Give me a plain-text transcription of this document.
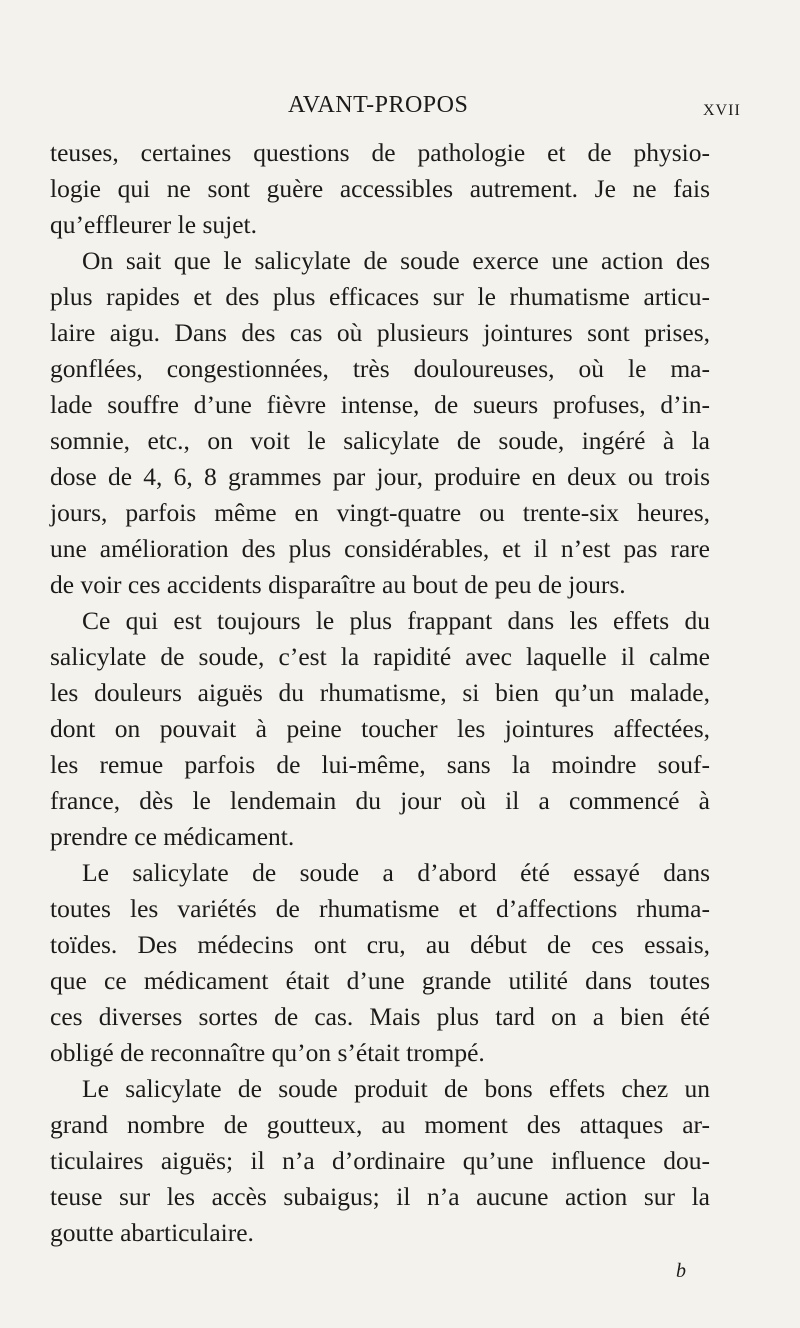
AVANT-PROPOS	XVII
teuses, certaines questions de pathologie et de physio-
logie qui ne sont guère accessibles autrement. Je ne fais
qu’effleurer le sujet.
On sait que le salicylate de soude exerce une action des
plus rapides et des plus efficaces sur le rhumatisme articu-
laire aigu. Dans des cas où plusieurs jointures sont prises,
gonflées, congestionnées, très douloureuses, où le ma-
lade souffre d’une fièvre intense, de sueurs profuses, d’in-
somnie, etc., on voit le salicylate de soude, ingéré à la
dose de 4, 6, 8 grammes par jour, produire en deux ou trois
jours, parfois même en vingt-quatre ou trente-six heures,
une amélioration des plus considérables, et il n’est pas rare
de voir ces accidents disparaître au bout de peu de jours.
Ce qui est toujours le plus frappant dans les effets du
salicylate de soude, c’est la rapidité avec laquelle il calme
les douleurs aiguës du rhumatisme, si bien qu’un malade,
dont on pouvait à peine toucher les jointures affectées,
les remue parfois de lui-même, sans la moindre souf-
france, dès le lendemain du jour où il a commencé à
prendre ce médicament.
Le salicylate de soude a d’abord été essayé dans
toutes les variétés de rhumatisme et d’affections rhuma-
toïdes. Des médecins ont cru, au début de ces essais,
que ce médicament était d’une grande utilité dans toutes
ces diverses sortes de cas. Mais plus tard on a bien été
obligé de reconnaître qu’on s’était trompé.
Le salicylate de soude produit de bons effets chez un
grand nombre de goutteux, au moment des attaques ar-
ticulaires aiguës; il n’a d’ordinaire qu’une influence dou-
teuse sur les accès subaigus; il n’a aucune action sur la
goutte abarticulaire.
b
